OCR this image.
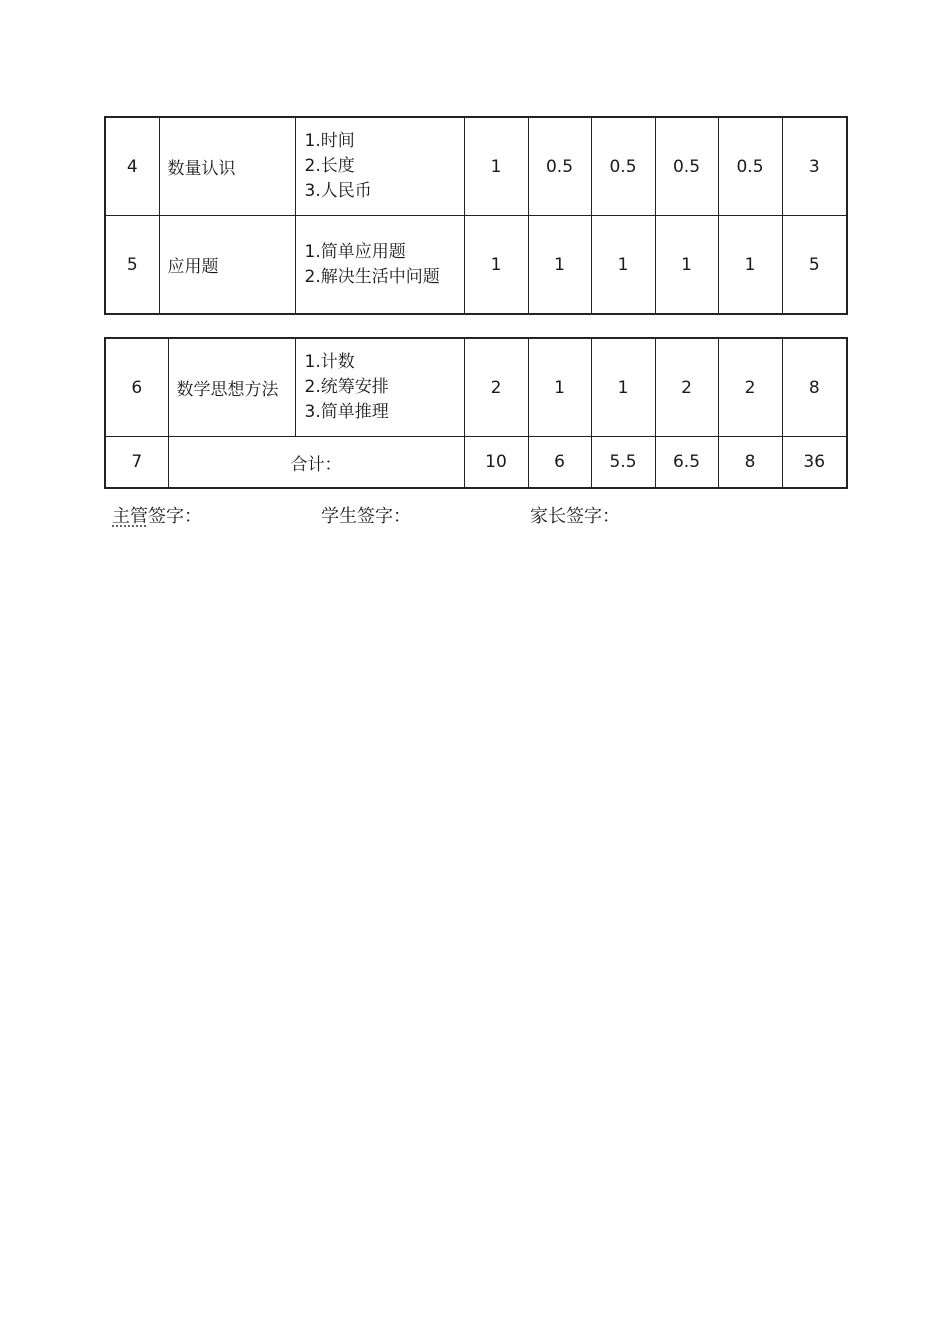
4	数量认识	1.时间
2.长度
3.人民币	1	0.5	0.5	0.5	0.5	3
5	应用题	1.简单应用题
2.解决生活中问题	1	1	1	1	1	5
6	数学思想方法	1.计数
2.统筹安排
3.简单推理	2	1	1	2	2	8
7	合计：		10	6	5.5	6.5	8	36
主管签字：	学生签字：	家长签字：
